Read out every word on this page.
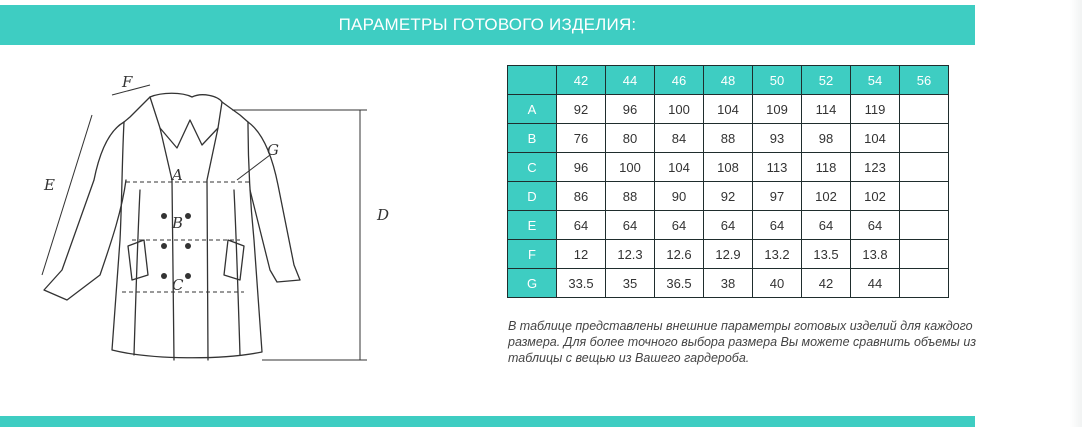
ПАРАМЕТРЫ ГОТОВОГО ИЗДЕЛИЯ:
A
B
C
D
E
F
G
	42	44	46	48	50	52	54	56
A	92	96	100	104	109	114	119	
B	76	80	84	88	93	98	104	
C	96	100	104	108	113	118	123	
D	86	88	90	92	97	102	102	
E	64	64	64	64	64	64	64	
F	12	12.3	12.6	12.9	13.2	13.5	13.8	
G	33.5	35	36.5	38	40	42	44	

В таблице представлены внешние параметры готовых изделий для каждого размера. Для более точного выбора размера Вы можете сравнить объемы из таблицы с вещью из Вашего гардероба.
